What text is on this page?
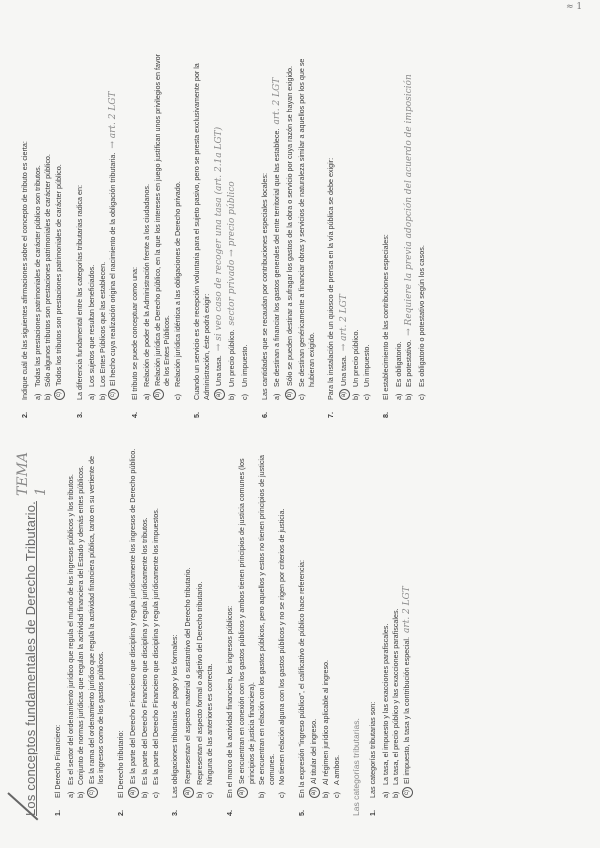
≈ 1
Los conceptos fundamentales de Derecho Tributario.
TEMA 1
1.
El Derecho Financiero: a)
Es el sector del ordenamiento jurídico que regula el mundo de los ingresos públicos y los tributos.
b)
Conjunto de normas jurídicas que regulan la actividad financiera del Estado y demás entes públicos.
c)
Es la rama del ordenamiento jurídico que regula la actividad financiera pública, tanto en su vertiente de los ingresos como de los gastos públicos.
2.
El Derecho tributario: a)
Es la parte del Derecho Financiero que disciplina y regula jurídicamente los ingresos de Derecho público.
b)
Es la parte del Derecho Financiero que disciplina y regula jurídicamente los tributos.
c)
Es la parte del Derecho Financiero que disciplina y regula jurídicamente los impuestos.
3.
Las obligaciones tributarias de pago y los formales: a)
Representan el aspecto material o sustantivo del Derecho tributario.
b)
Representan el aspecto formal o adjetivo del Derecho tributario.
c)
Ninguna de las anteriores es correcta.
4.
En el marco de la actividad financiera, los ingresos públicos: a)
Se encuentran en conexión con los gastos públicos y ambos tienen principios de justicia comunes (los principios de justicia financiera).
b)
Se encuentran en relación con los gastos públicos, pero aquellos y estos no tienen principios de justicia comunes.
c)
No tienen relación alguna con los gastos públicos y no se rigen por criterios de justicia.
5.
En la expresión "ingreso público", el calificativo de público hace referencia: a)
Al titular del ingreso.
b)
Al régimen jurídico aplicable al ingreso.
c)
A ambos. Las categorías tributarias. 1.
Las categorías tributarias son: a)
La tasa, el impuesto y las exacciones parafiscales.
b)
La tasa, el precio público y las exacciones parafiscales.
c)
El impuesto, la tasa y la contribución especial.
art. 2 LGT
2.
Indique cuál de las siguientes afirmaciones sobre el concepto de tributo es cierta: a)
Todas las prestaciones patrimoniales de carácter público son tributos.
b)
Sólo algunos tributos son prestaciones patrimoniales de carácter público.
c)
Todos los tributos son prestaciones patrimoniales de carácter público.
3.
La diferencia fundamental entre las categorías tributarias radica en: a)
Los sujetos que resultan beneficiados.
b)
Los Entes Públicos que las establecen.
c)
El hecho cuya realización origina el nacimiento de la obligación tributaria.
→ art. 2 LGT
4.
El tributo se puede conceptuar como una: a)
Relación de poder de la Administración frente a los ciudadanos.
b)
Relación jurídica de Derecho público, en la que los intereses en juego justifican unos privilegios en favor de los Entes Públicos.
c)
Relación jurídica idéntica a las obligaciones de Derecho privado.
5.
Cuando un servicio es de recepción voluntaria para el sujeto pasivo, pero se presta exclusivamente por la Administración, éste podrá exigir: a)
Una tasa.
→ si veo caso de recoger una tasa (art. 2.1a LGT)
b)
Un precio público.
sector privado → precio público
c)
Un impuesto.
6.
Las cantidades que se recaudan por contribuciones especiales locales: a)
Se destinan a financiar los gastos generales del ente territorial que las establece.
art. 2 LGT
b)
Sólo se pueden destinar a sufragar los gastos de la obra o servicio por cuya razón se hayan exigido.
c)
Se destinan genéricamente a financiar obras y servicios de naturaleza similar a aquellos por los que se hubieran exigido.
7.
Para la instalación de un quiosco de prensa en la vía pública se debe exigir: a)
Una tasa.
→ art. 2 LGT
b)
Un precio público.
c)
Un impuesto.
8.
El establecimiento de las contribuciones especiales: a)
Es obligatorio.
b)
Es potestativo.
→ Requiere la previa adopción del acuerdo de imposición
c)
Es obligatorio o potestativo según los casos.
